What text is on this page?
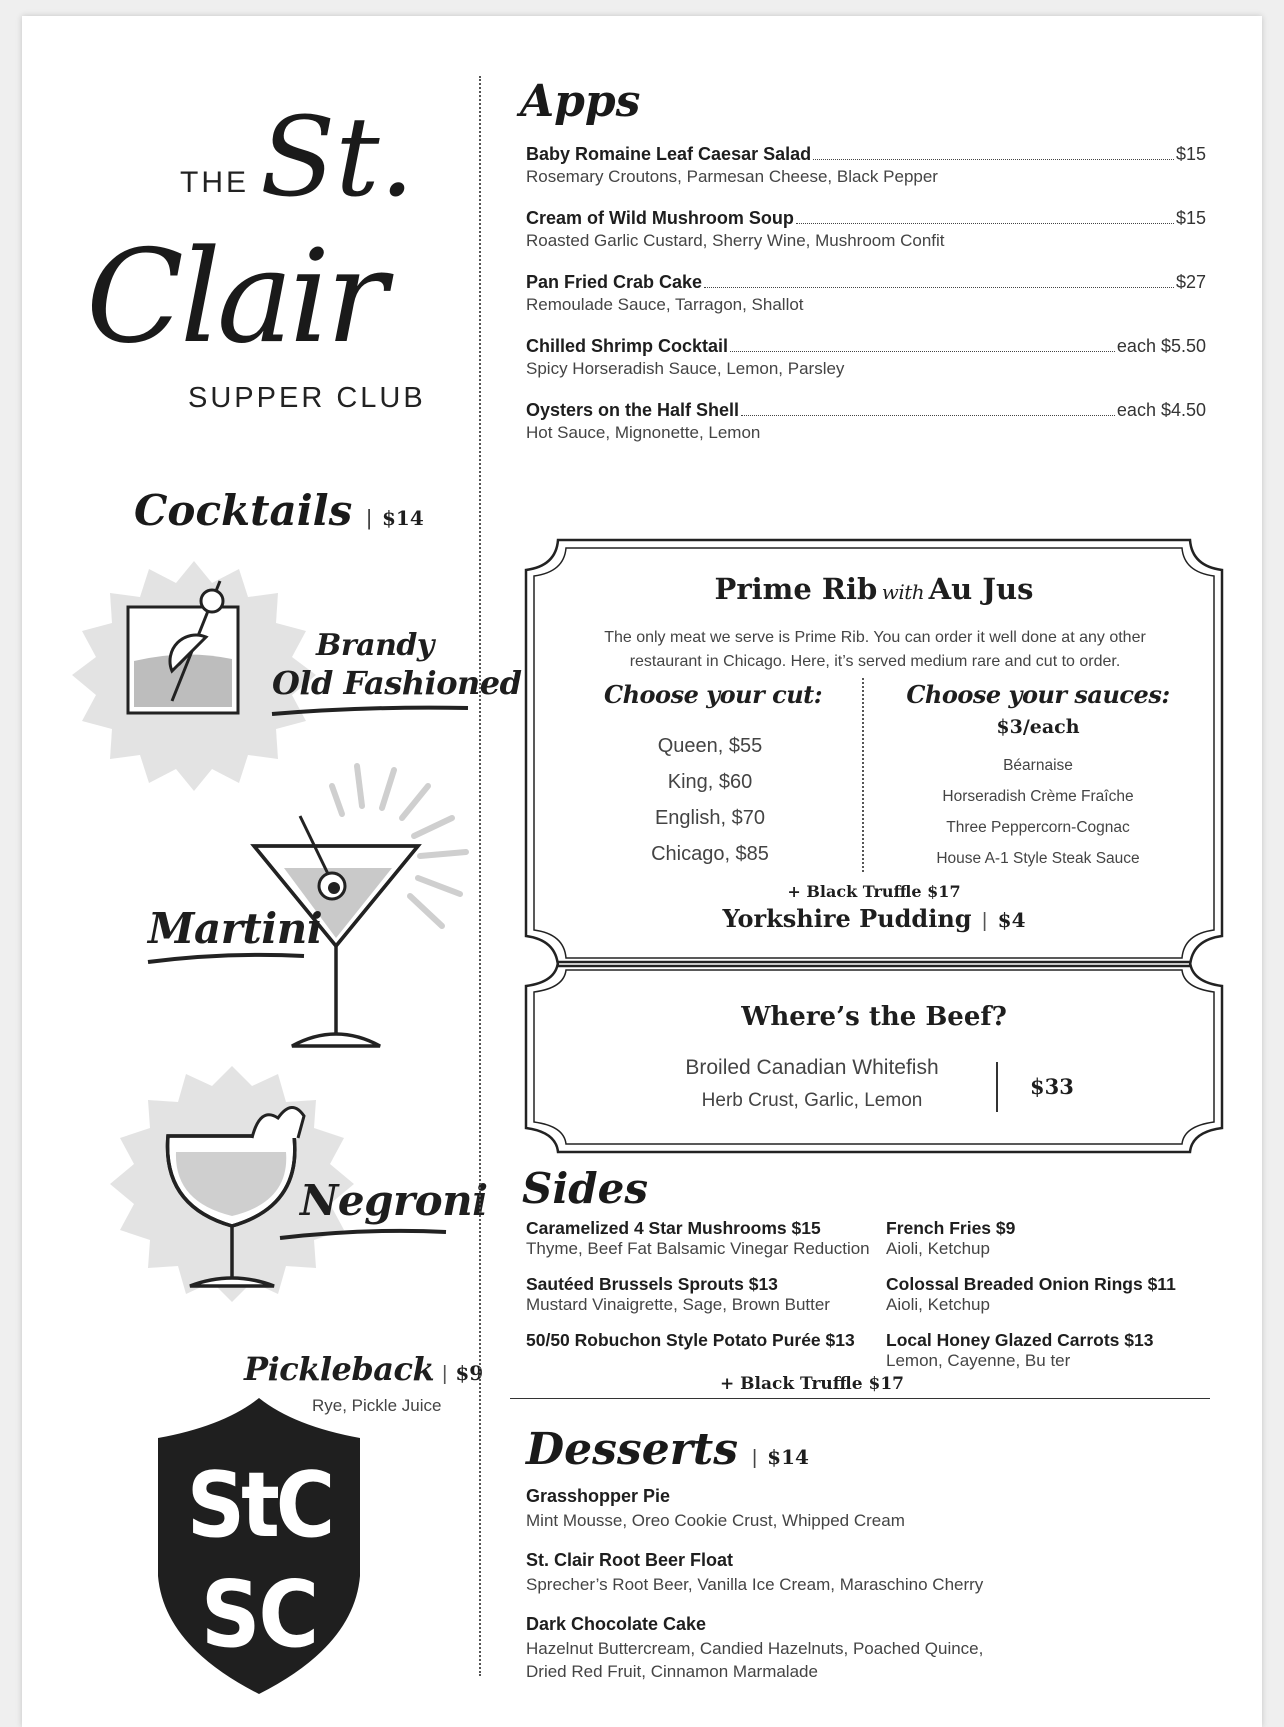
THE St.
Clair
SUPPER CLUB
Cocktails | $14
Brandy
Old Fashioned
Martini
Negroni
Pickleback | $9
Rye, Pickle Juice
StC
SC
Apps
Baby Romaine Leaf Caesar Salad	$15
Rosemary Croutons, Parmesan Cheese, Black Pepper
Cream of Wild Mushroom Soup	$15
Roasted Garlic Custard, Sherry Wine, Mushroom Confit
Pan Fried Crab Cake	$27
Remoulade Sauce, Tarragon, Shallot
Chilled Shrimp Cocktail	each $5.50
Spicy Horseradish Sauce, Lemon, Parsley
Oysters on the Half Shell	each $4.50
Hot Sauce, Mignonette, Lemon
Prime Rib with Au Jus
The only meat we serve is Prime Rib. You can order it well done at any other restaurant in Chicago. Here, it’s served medium rare and cut to order.
Choose your cut:
Queen, $55
King, $60
English, $70
Chicago, $85
Choose your sauces:
$3/each
Béarnaise
Horseradish Crème Fraîche
Three Peppercorn-Cognac
House A-1 Style Steak Sauce
+ Black Truffle $17
Yorkshire Pudding | $4
Where’s the Beef?
Broiled Canadian Whitefish
Herb Crust, Garlic, Lemon
$33
Sides
Caramelized 4 Star Mushrooms $15
Thyme, Beef Fat Balsamic Vinegar Reduction
Sautéed Brussels Sprouts $13
Mustard Vinaigrette, Sage, Brown Butter
50/50 Robuchon Style Potato Purée $13
French Fries $9
Aioli, Ketchup
Colossal Breaded Onion Rings $11
Aioli, Ketchup
Local Honey Glazed Carrots $13
Lemon, Cayenne, Bu ter
+ Black Truffle $17
Desserts | $14
Grasshopper Pie
Mint Mousse, Oreo Cookie Crust, Whipped Cream
St. Clair Root Beer Float
Sprecher’s Root Beer, Vanilla Ice Cream, Maraschino Cherry
Dark Chocolate Cake
Hazelnut Buttercream, Candied Hazelnuts, Poached Quince,
Dried Red Fruit, Cinnamon Marmalade
